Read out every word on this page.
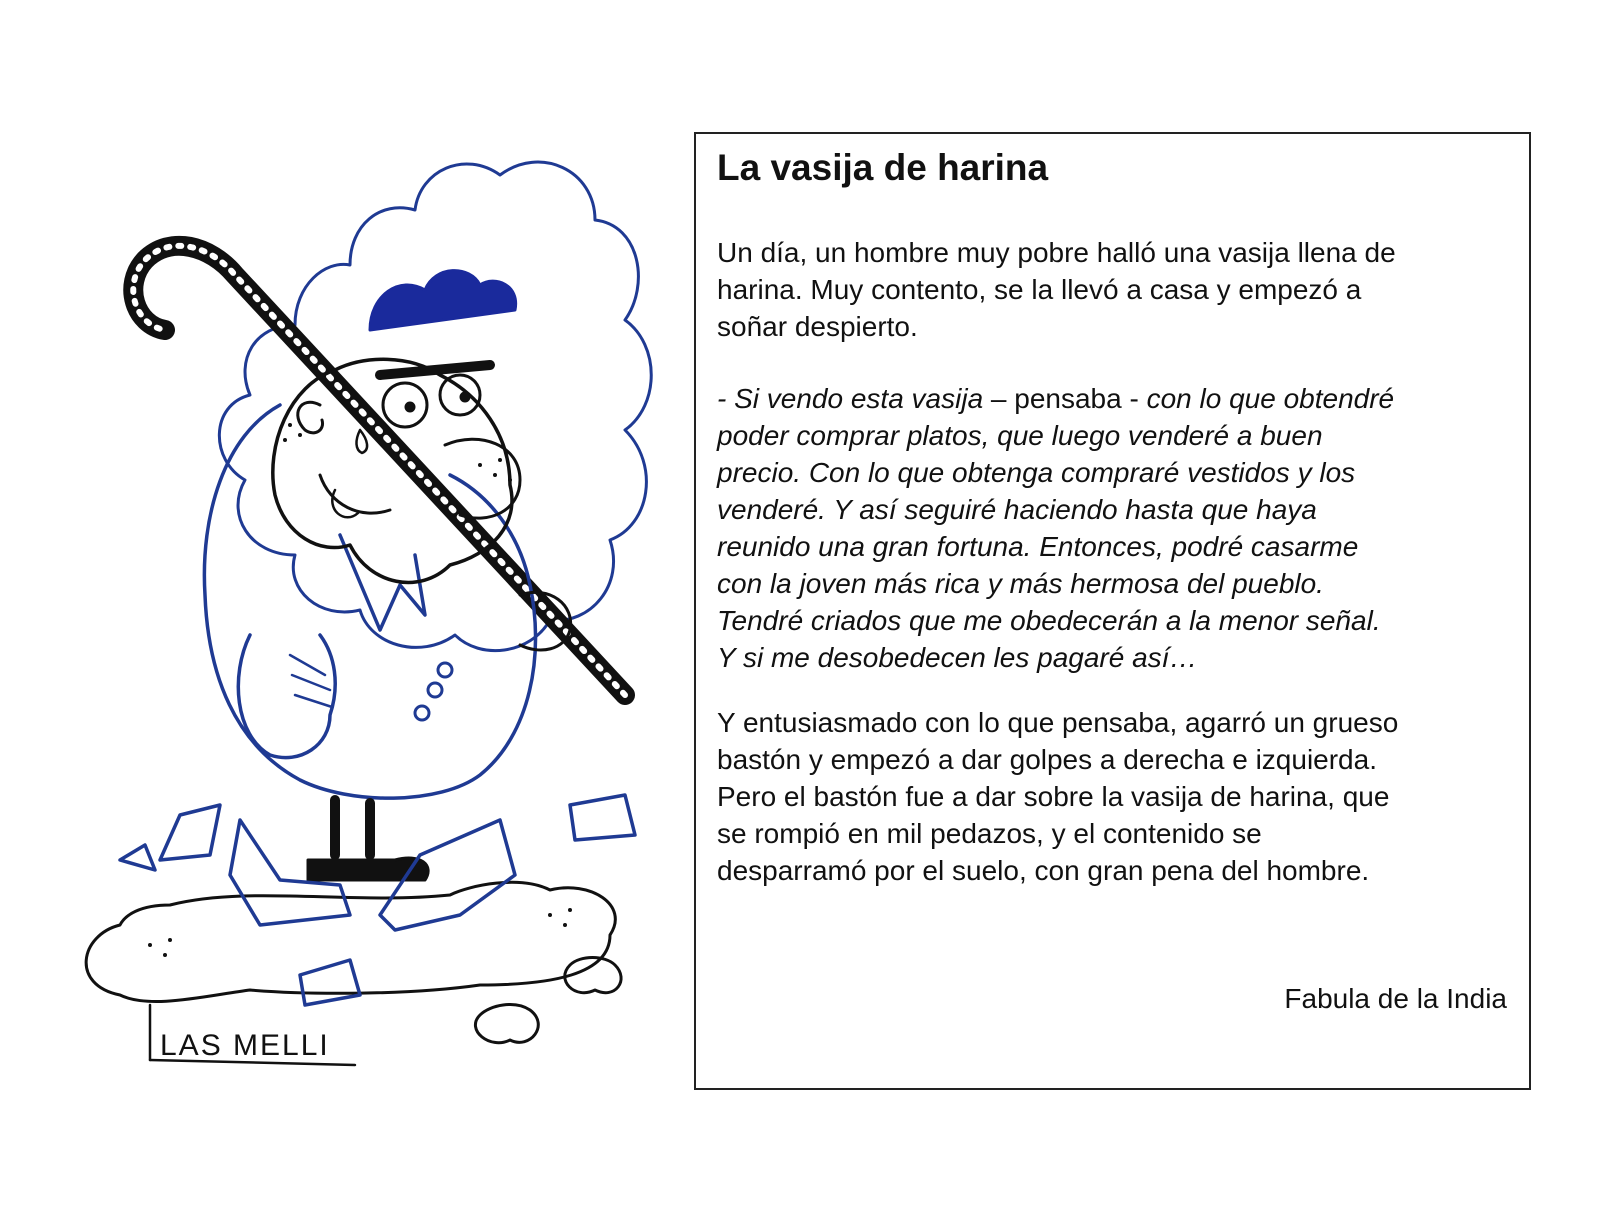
LAS MELLI
La vasija de harina
Un día, un hombre muy pobre halló una vasija llena de
harina. Muy contento, se la llevó a casa y empezó a
soñar despierto.
- Si vendo esta vasija – pensaba - con lo que obtendré
poder comprar platos, que luego venderé a buen
precio. Con lo que obtenga compraré vestidos y los
venderé. Y así seguiré haciendo hasta que haya
reunido una gran fortuna. Entonces, podré casarme
con la joven más rica y más hermosa del pueblo.
Tendré criados que me obedecerán a la menor señal.
Y si me desobedecen les pagaré así…
Y entusiasmado con lo que pensaba, agarró un grueso
bastón y empezó a dar golpes a derecha e izquierda.
Pero el bastón fue a dar sobre la vasija de harina, que
se rompió en mil pedazos, y el contenido se
desparramó por el suelo, con gran pena del hombre.
Fabula de la India
